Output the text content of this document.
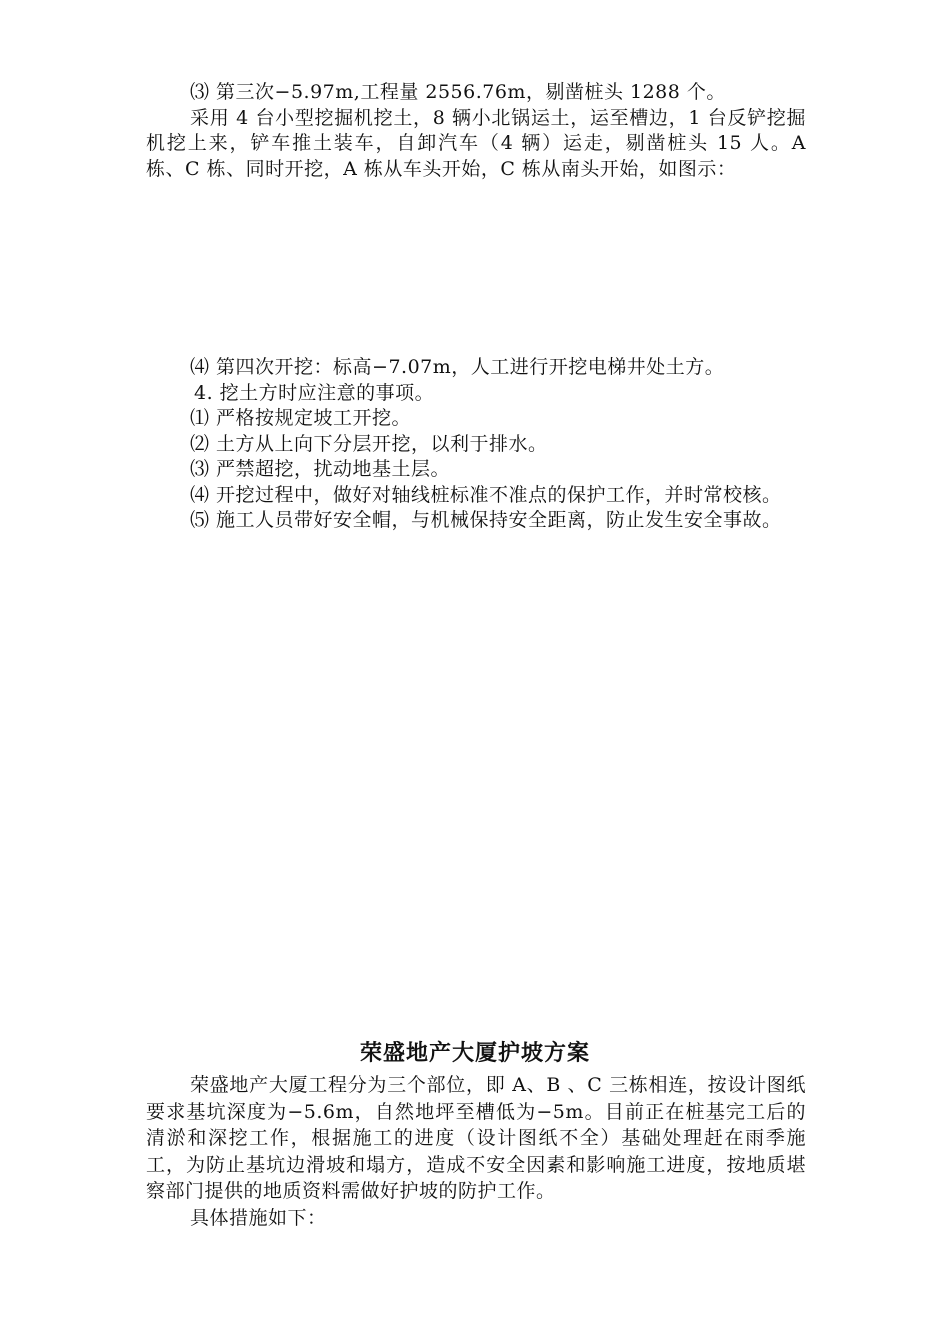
⑶ 第三次−5.97m,工程量 2556.76m，剔凿桩头 1288 个。

采用 4 台小型挖掘机挖土，8 辆小北锅运土，运至槽边，1 台反铲挖掘机挖上来，铲车推土装车，自卸汽车（4 辆）运走，剔凿桩头 15 人。A 栋、C 栋、同时开挖，A 栋从车头开始，C 栋从南头开始，如图示：

⑷ 第四次开挖：标高−7.07m，人工进行开挖电梯井处土方。

4. 挖土方时应注意的事项。

⑴ 严格按规定坡工开挖。

⑵ 土方从上向下分层开挖，以利于排水。

⑶ 严禁超挖，扰动地基土层。

⑷ 开挖过程中，做好对轴线桩标准不准点的保护工作，并时常校核。

⑸ 施工人员带好安全帽，与机械保持安全距离，防止发生安全事故。

荣盛地产大厦护坡方案

荣盛地产大厦工程分为三个部位，即 A、B 、C 三栋相连，按设计图纸要求基坑深度为−5.6m，自然地坪至槽低为−5m。目前正在桩基完工后的清淤和深挖工作，根据施工的进度（设计图纸不全）基础处理赶在雨季施工，为防止基坑边滑坡和塌方，造成不安全因素和影响施工进度，按地质堪察部门提供的地质资料需做好护坡的防护工作。

具体措施如下：
